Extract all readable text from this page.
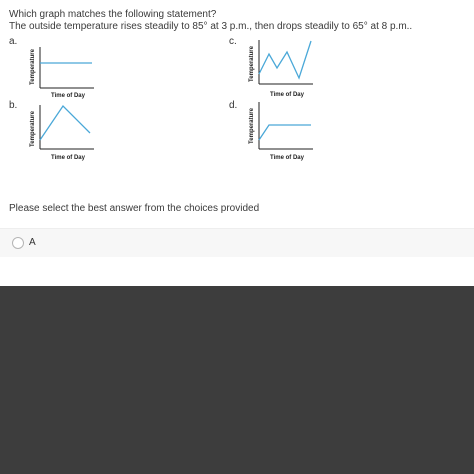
Which graph matches the following statement?
The outside temperature rises steadily to 85° at 3 p.m., then drops steadily to 65° at 8 p.m..
a.
Temperature
Time of Day
c.
Temperature
Time of Day
b.
Temperature
Time of Day
d.
Temperature
Time of Day
Please select the best answer from the choices provided
A
